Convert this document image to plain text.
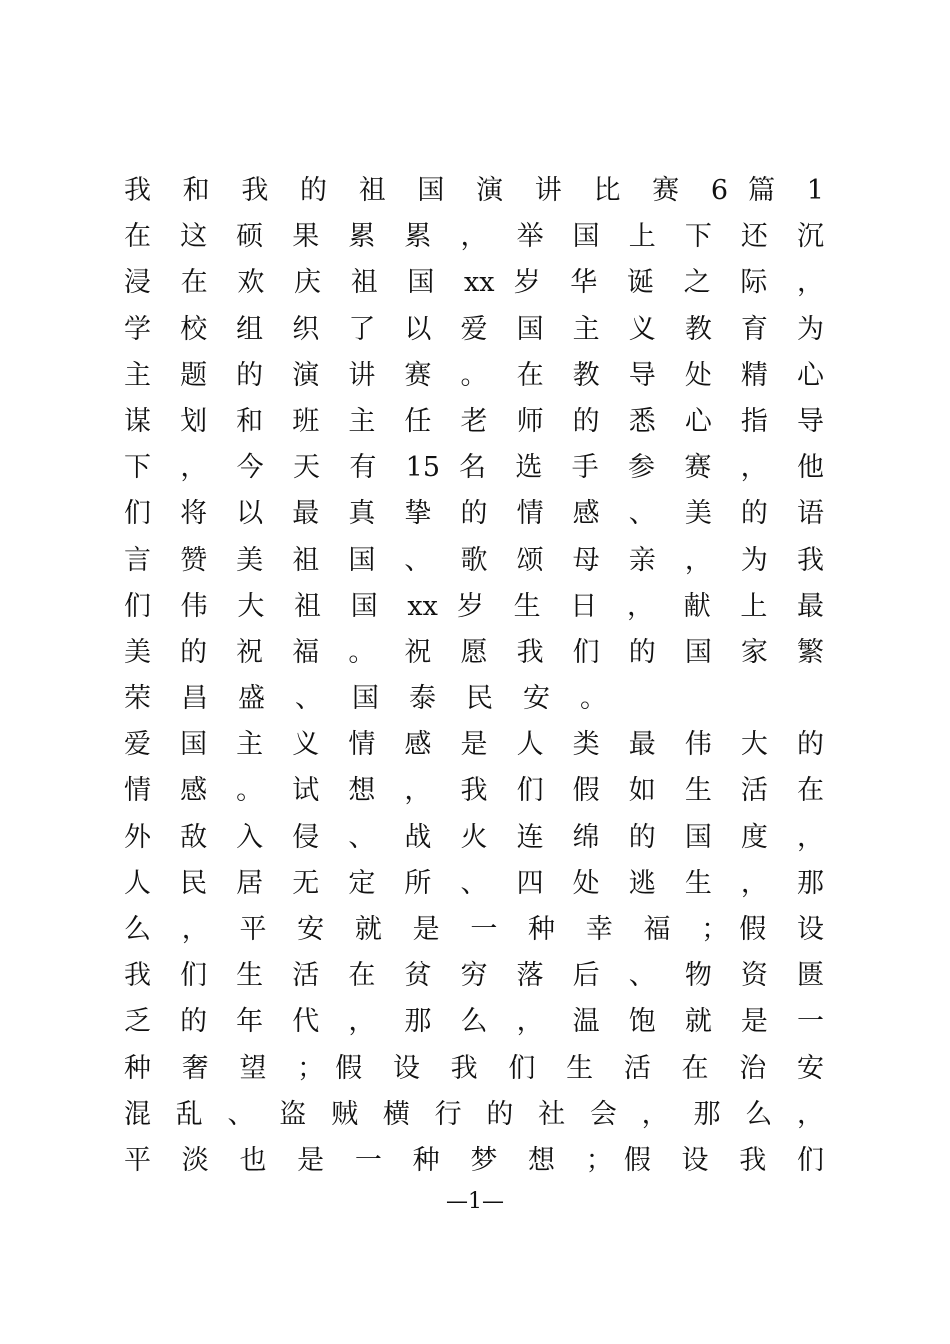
我 和 我 的 祖 国 演 讲 比 赛 6 篇 1
在 这 硕 果 累 累 ， 举 国 上 下 还 沉
浸 在 欢 庆 祖 国 xx 岁 华 诞 之 际 ，
学 校 组 织 了 以 爱 国 主 义 教 育 为
主 题 的 演 讲 赛 。 在 教 导 处 精 心
谋 划 和 班 主 任 老 师 的 悉 心 指 导
下 ， 今 天 有 15 名 选 手 参 赛 ， 他
们 将 以 最 真 挚 的 情 感 、 美 的 语
言 赞 美 祖 国 、 歌 颂 母 亲 ， 为 我
们 伟 大 祖 国 xx 岁 生 日 ， 献 上 最
美 的 祝 福 。 祝 愿 我 们 的 国 家 繁
荣昌盛、国泰民安。
爱 国 主 义 情 感 是 人 类 最 伟 大 的
情 感 。 试 想 ， 我 们 假 如 生 活 在
外 敌 入 侵 、 战 火 连 绵 的 国 度 ，
人 民 居 无 定 所 、 四 处 逃 生 ， 那
么 ， 平 安 就 是 一 种 幸 福 ；假 设
我 们 生 活 在 贫 穷 落 后 、 物 资 匮
乏 的 年 代 ， 那 么 ， 温 饱 就 是 一
种 奢 望 ；假 设 我 们 生 活 在 治 安
混 乱 、 盗 贼 横 行 的 社 会 ， 那 么 ，
平 淡 也 是 一 种 梦 想 ；假 设 我 们
—1—
